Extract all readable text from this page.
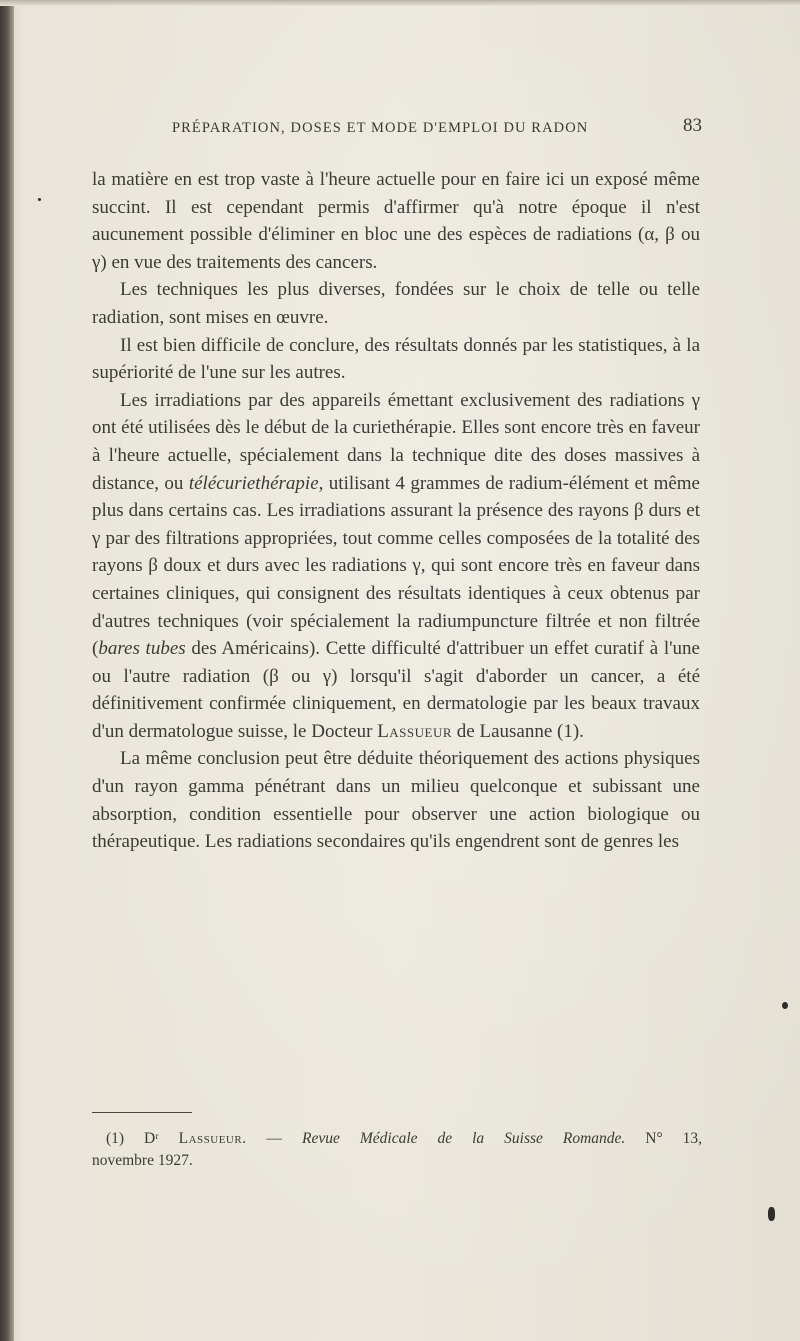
PRÉPARATION, DOSES ET MODE D'EMPLOI DU RADON	83

la matière en est trop vaste à l'heure actuelle pour en faire ici un exposé même succint. Il est cependant permis d'affirmer qu'à notre époque il n'est aucunement possible d'éliminer en bloc une des espèces de radiations (α, β ou γ) en vue des traitements des cancers.

Les techniques les plus diverses, fondées sur le choix de telle ou telle radiation, sont mises en œuvre.

Il est bien difficile de conclure, des résultats donnés par les statistiques, à la supériorité de l'une sur les autres.

Les irradiations par des appareils émettant exclusivement des radiations γ ont été utilisées dès le début de la curiethérapie. Elles sont encore très en faveur à l'heure actuelle, spécialement dans la technique dite des doses massives à distance, ou télécuriethérapie, utilisant 4 grammes de radium-élément et même plus dans certains cas. Les irradiations assurant la présence des rayons β durs et γ par des filtrations appropriées, tout comme celles composées de la totalité des rayons β doux et durs avec les radiations γ, qui sont encore très en faveur dans certaines cliniques, qui consignent des résultats identiques à ceux obtenus par d'autres techniques (voir spécialement la radiumpuncture filtrée et non filtrée (bares tubes des Américains). Cette difficulté d'attribuer un effet curatif à l'une ou l'autre radiation (β ou γ) lorsqu'il s'agit d'aborder un cancer, a été définitivement confirmée cliniquement, en dermatologie par les beaux travaux d'un dermatologue suisse, le Docteur Lassueur de Lausanne (1).

La même conclusion peut être déduite théoriquement des actions physiques d'un rayon gamma pénétrant dans un milieu quelconque et subissant une absorption, condition essentielle pour observer une action biologique ou thérapeutique. Les radiations secondaires qu'ils engendrent sont de genres les

(1) Dʳ Lassueur. — Revue Médicale de la Suisse Romande. N° 13,
novembre 1927.
